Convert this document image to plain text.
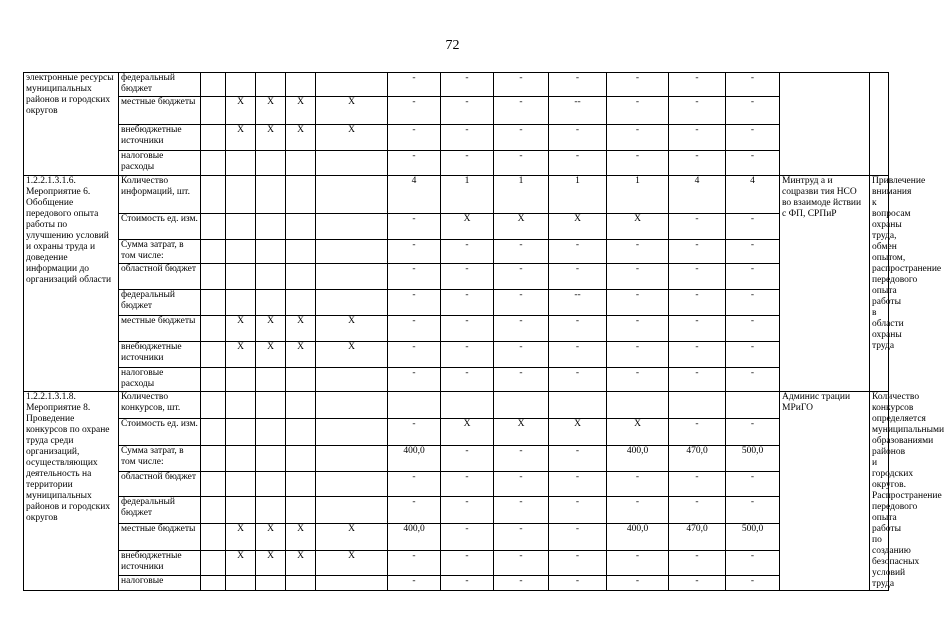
72
электронные ресурсы муниципальных районов и городских округов	федеральный бюджет						-	-	-	-	-	-	-		
	местные бюджеты		X	X	X	X	-	-	-	--	-	-	-		
	внебюджетные источники		X	X	X	X	-	-	-	-	-	-	-		
	налоговые расходы						-	-	-	-	-	-	-		
1.2.2.1.3.1.6. Мероприятие 6. Обобщение передового опыта работы по улучшению условий и охраны труда и доведение информации до организаций области	Количество информаций, шт.						4	1	1	1	1	4	4	Минтруд а и соцразви тия НСО во взаимоде йствии с ФП, СРПиР	Привлечение внимания к вопросам охраны труда, обмен опытом, распространение передового опыта работы в области охраны труда
	Стоимость ед. изм.						-	X	X	X	X	-	-		
	Сумма затрат, в том числе:						-	-	-	-	-	-	-		
	областной бюджет						-	-	-	-	-	-	-		
	федеральный бюджет						-	-	-	--	-	-	-		
	местные бюджеты		X	X	X	X	-	-	-	-	-	-	-		
	внебюджетные источники		X	X	X	X	-	-	-	-	-	-	-		
	налоговые расходы						-	-	-	-	-	-	-		
1.2.2.1.3.1.8. Мероприятие 8. Проведение конкурсов по охране труда среди организаций, осуществляющих деятельность на территории муниципальных районов и городских округов	Количество конкурсов, шт.													Админис трации МРиГО	Количество конкурсов определяется муниципальными образованиями районов и городских округов. Распространение передового опыта работы по созданию безопасных условий труда
	Стоимость ед. изм.						-	X	X	X	X	-	-		
	Сумма затрат, в том числе:						400,0	-	-	-	400,0	470,0	500,0		
	областной бюджет						-	-	-	-	-	-	-		
	федеральный бюджет						-	-	-	-	-	-	-		
	местные бюджеты		X	X	X	X	400,0	-	-	-	400,0	470,0	500,0		
	внебюджетные источники		X	X	X	X	-	-	-	-	-	-	-		
	налоговые						-	-	-	-	-	-	-		
